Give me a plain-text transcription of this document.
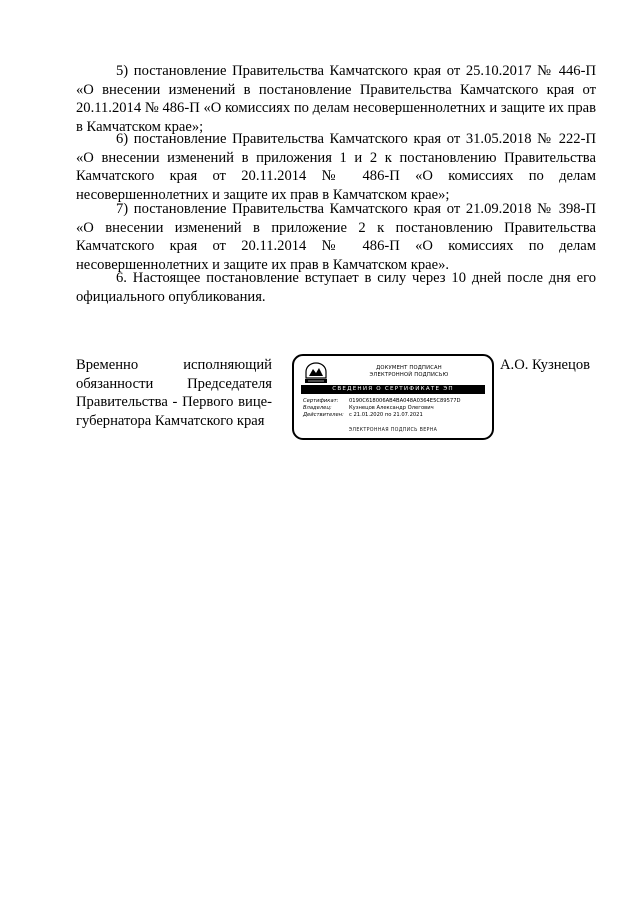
5) постановление Правительства Камчатского края от 25.10.2017 № 446-П «О внесении изменений в постановление Правительства Камчатского края от 20.11.2014 № 486-П «О комиссиях по делам несовершеннолетних и защите их прав в Камчатском крае»;

6) постановление Правительства Камчатского края от 31.05.2018 № 222-П «О внесении изменений в приложения 1 и 2 к постановлению Правительства Камчатского края от 20.11.2014 № 486-П «О комиссиях по делам несовершеннолетних и защите их прав в Камчатском крае»;

7) постановление Правительства Камчатского края от 21.09.2018 № 398-П «О внесении изменений в приложение 2 к постановлению Правительства Камчатского края от 20.11.2014 № 486-П «О комиссиях по делам несовершеннолетних и защите их прав в Камчатском крае».

6. Настоящее постановление вступает в силу через 10 дней после дня его официального опубликования.

Временно исполняющий
обязанности Председателя
Правительства - Первого вице-
губернатора Камчатского края
ДОКУМЕНТ ПОДПИСАН
ЭЛЕКТРОННОЙ ПОДПИСЬЮ
СВЕДЕНИЯ О СЕРТИФИКАТЕ ЭП
Сертификат:	0190C618006AB4BA048A0364E5C89577D
Владелец:	Кузнецов Александр Олегович
Действителен:	с 21.01.2020 по 21.07.2021
ЭЛЕКТРОННАЯ ПОДПИСЬ ВЕРНА
А.О. Кузнецов
